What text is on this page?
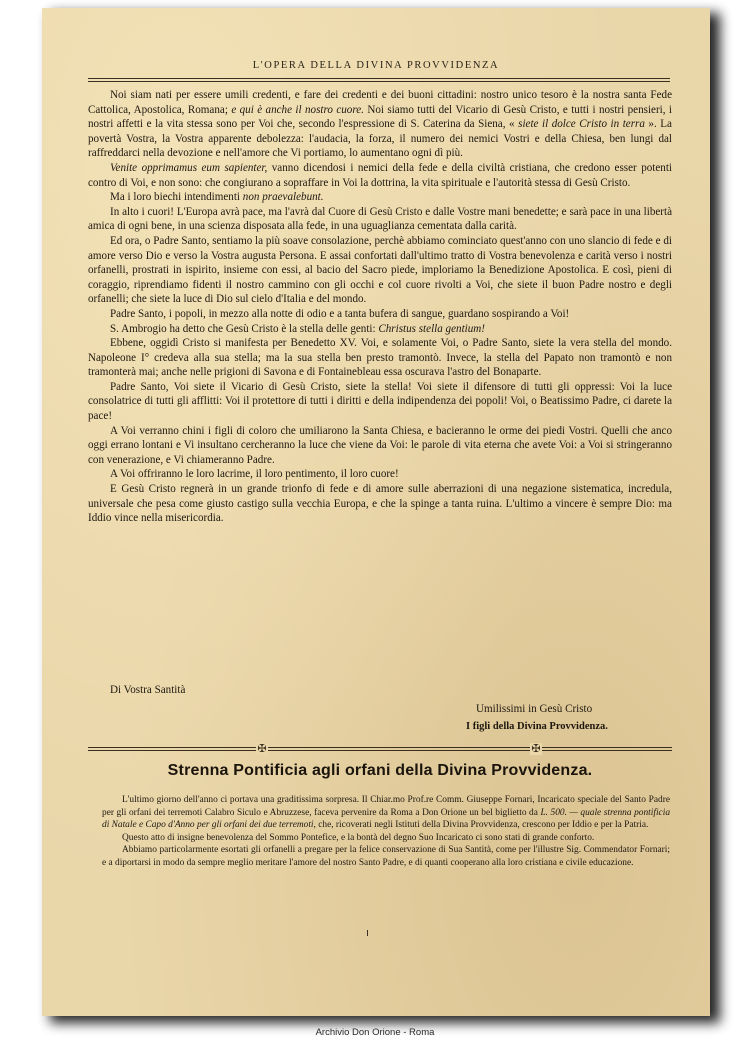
L'OPERA DELLA DIVINA PROVVIDENZA

Noi siam nati per essere umili credenti, e fare dei credenti e dei buoni cittadini: nostro unico tesoro è la nostra santa Fede Cattolica, Apostolica, Romana; e qui è anche il nostro cuore. Noi siamo tutti del Vicario di Gesù Cristo, e tutti i nostri pensieri, i nostri affetti e la vita stessa sono per Voi che, secondo l'espressione di S. Caterina da Siena, « siete il dolce Cristo in terra ». La povertà Vostra, la Vostra apparente debolezza: l'audacia, la forza, il numero dei nemici Vostri e della Chiesa, ben lungi dal raffreddarci nella devozione e nell'amore che Vi portiamo, lo aumentano ogni dì più.

Venite opprimamus eum sapienter, vanno dicendosi i nemici della fede e della civiltà cristiana, che credono esser potenti contro di Voi, e non sono: che congiurano a sopraffare in Voi la dottrina, la vita spirituale e l'autorità stessa di Gesù Cristo.

Ma i loro biechi intendimenti non praevalebunt.

In alto i cuori! L'Europa avrà pace, ma l'avrà dal Cuore di Gesù Cristo e dalle Vostre mani benedette; e sarà pace in una libertà amica di ogni bene, in una scienza disposata alla fede, in una uguaglianza cementata dalla carità.

Ed ora, o Padre Santo, sentiamo la più soave consolazione, perchè abbiamo cominciato quest'anno con uno slancio di fede e di amore verso Dio e verso la Vostra augusta Persona. E assai confortati dall'ultimo tratto di Vostra benevolenza e carità verso i nostri orfanelli, prostrati in ispirito, insieme con essi, al bacio del Sacro piede, imploriamo la Benedizione Apostolica. E così, pieni di coraggio, riprendiamo fidenti il nostro cammino con gli occhi e col cuore rivolti a Voi, che siete il buon Padre nostro e degli orfanelli; che siete la luce di Dio sul cielo d'Italia e del mondo.

Padre Santo, i popoli, in mezzo alla notte di odio e a tanta bufera di sangue, guardano sospirando a Voi!

S. Ambrogio ha detto che Gesù Cristo è la stella delle genti: Christus stella gentium!

Ebbene, oggidì Cristo si manifesta per Benedetto XV. Voi, e solamente Voi, o Padre Santo, siete la vera stella del mondo. Napoleone I° credeva alla sua stella; ma la sua stella ben presto tramontò. Invece, la stella del Papato non tramontò e non tramonterà mai; anche nelle prigioni di Savona e di Fontainebleau essa oscurava l'astro del Bonaparte.

Padre Santo, Voi siete il Vicario di Gesù Cristo, siete la stella! Voi siete il difensore di tutti gli oppressi: Voi la luce consolatrice di tutti gli afflitti: Voi il protettore di tutti i diritti e della indipendenza dei popoli! Voi, o Beatissimo Padre, ci darete la pace!

A Voi verranno chini i figli di coloro che umiliarono la Santa Chiesa, e bacieranno le orme dei piedi Vostri. Quelli che anco oggi errano lontani e Vi insultano cercheranno la luce che viene da Voi: le parole di vita eterna che avete Voi: a Voi si stringeranno con venerazione, e Vi chiameranno Padre.

A Voi offriranno le loro lacrime, il loro pentimento, il loro cuore!

E Gesù Cristo regnerà in un grande trionfo di fede e di amore sulle aberrazioni di una negazione sistematica, incredula, universale che pesa come giusto castigo sulla vecchia Europa, e che la spinge a tanta ruina. L'ultimo a vincere è sempre Dio: ma Iddio vince nella misericordia.

Di Vostra Santità
Umilissimi in Gesù Cristo
I figli della Divina Provvidenza.
✠	✠
Strenna Pontificia agli orfani della Divina Provvidenza.

L'ultimo giorno dell'anno ci portava una graditissima sorpresa. Il Chiar.mo Prof.re Comm. Giuseppe Fornari, Incaricato speciale del Santo Padre per gli orfani dei terremoti Calabro Siculo e Abruzzese, faceva pervenire da Roma a Don Orione un bel biglietto da L. 500. — quale strenna pontificia di Natale e Capo d'Anno per gli orfani dei due terremoti, che, ricoverati negli Istituti della Divina Provvidenza, crescono per Iddio e per la Patria.

Questo atto di insigne benevolenza del Sommo Pontefice, e la bontà del degno Suo Incaricato ci sono stati di grande conforto.

Abbiamo particolarmente esortati gli orfanelli a pregare per la felice conservazione di Sua Santità, come per l'illustre Sig. Commendator Fornari; e a diportarsi in modo da sempre meglio meritare l'amore del nostro Santo Padre, e di quanti cooperano alla loro cristiana e civile educazione.

Archivio Don Orione - Roma
